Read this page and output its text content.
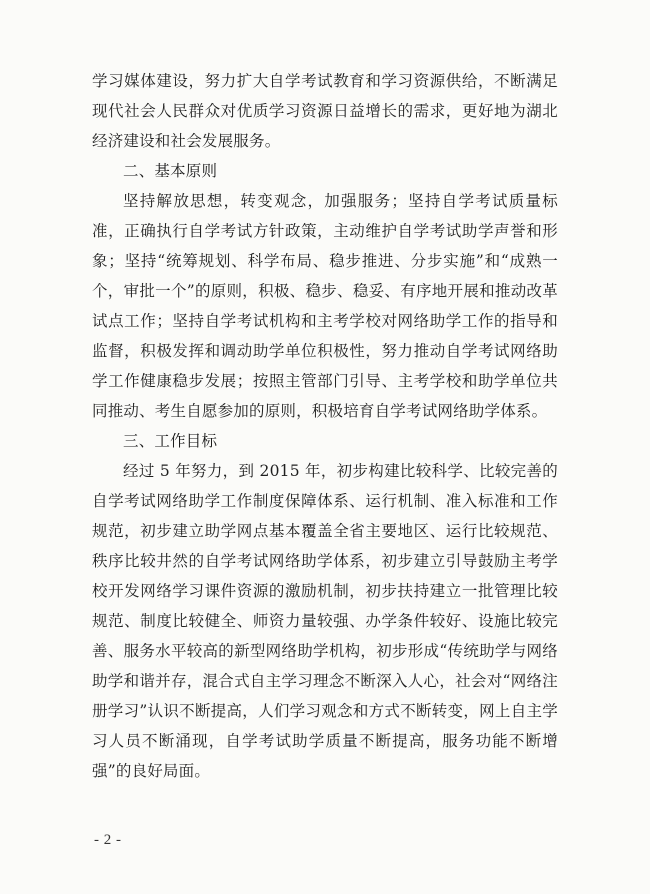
学习媒体建设，努力扩大自学考试教育和学习资源供给，不断满足现代社会人民群众对优质学习资源日益增长的需求，更好地为湖北经济建设和社会发展服务。

二、基本原则

坚持解放思想，转变观念，加强服务；坚持自学考试质量标准，正确执行自学考试方针政策，主动维护自学考试助学声誉和形象；坚持“统筹规划、科学布局、稳步推进、分步实施”和“成熟一个，审批一个”的原则，积极、稳步、稳妥、有序地开展和推动改革试点工作；坚持自学考试机构和主考学校对网络助学工作的指导和监督，积极发挥和调动助学单位积极性，努力推动自学考试网络助学工作健康稳步发展；按照主管部门引导、主考学校和助学单位共同推动、考生自愿参加的原则，积极培育自学考试网络助学体系。

三、工作目标

经过 5 年努力，到 2015 年，初步构建比较科学、比较完善的自学考试网络助学工作制度保障体系、运行机制、准入标准和工作规范，初步建立助学网点基本覆盖全省主要地区、运行比较规范、秩序比较井然的自学考试网络助学体系，初步建立引导鼓励主考学校开发网络学习课件资源的激励机制，初步扶持建立一批管理比较规范、制度比较健全、师资力量较强、办学条件较好、设施比较完善、服务水平较高的新型网络助学机构，初步形成“传统助学与网络助学和谐并存，混合式自主学习理念不断深入人心，社会对“网络注册学习”认识不断提高，人们学习观念和方式不断转变，网上自主学习人员不断涌现，自学考试助学质量不断提高，服务功能不断增强”的良好局面。

- 2 -
